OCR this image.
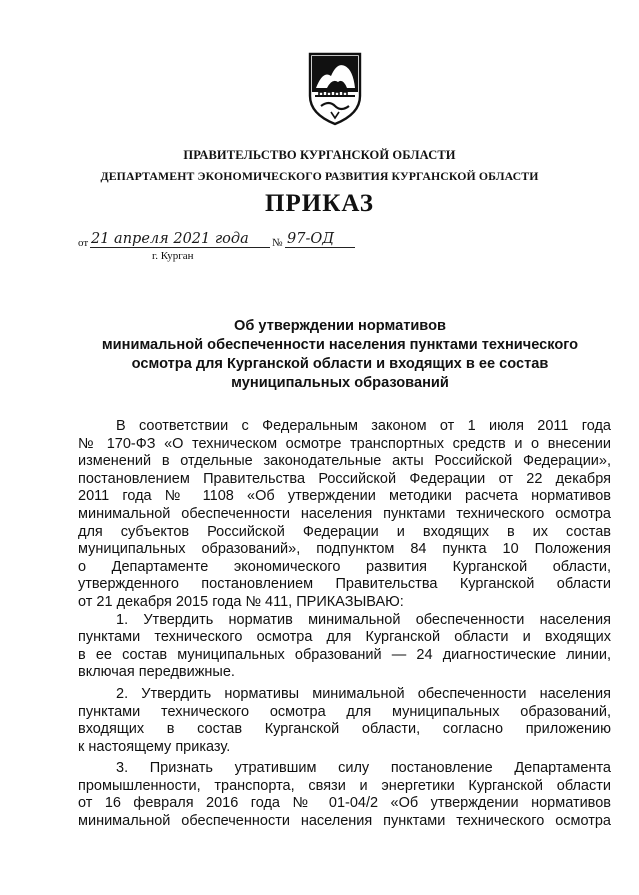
ПРАВИТЕЛЬСТВО КУРГАНСКОЙ ОБЛАСТИ
ДЕПАРТАМЕНТ ЭКОНОМИЧЕСКОГО РАЗВИТИЯ КУРГАНСКОЙ ОБЛАСТИ
ПРИКАЗ
от 21 апреля 2021 года № 97-ОД
г. Курган
Об утверждении нормативов
минимальной обеспеченности населения пунктами технического
осмотра для Курганской области и входящих в ее состав
муниципальных образований
В соответствии с Федеральным законом от 1 июля 2011 года
№ 170-ФЗ «О техническом осмотре транспортных средств и о внесении
изменений в отдельные законодательные акты Российской Федерации»,
постановлением Правительства Российской Федерации от 22 декабря
2011 года № 1108 «Об утверждении методики расчета нормативов
минимальной обеспеченности населения пунктами технического осмотра
для субъектов Российской Федерации и входящих в их состав
муниципальных образований», подпунктом 84 пункта 10 Положения
о Департаменте экономического развития Курганской области,
утвержденного постановлением Правительства Курганской области
от 21 декабря 2015 года № 411, ПРИКАЗЫВАЮ:
1. Утвердить норматив минимальной обеспеченности населения
пунктами технического осмотра для Курганской области и входящих
в ее состав муниципальных образований — 24 диагностические линии,
включая передвижные.
2. Утвердить нормативы минимальной обеспеченности населения
пунктами технического осмотра для муниципальных образований,
входящих в состав Курганской области, согласно приложению
к настоящему приказу.
3. Признать утратившим силу постановление Департамента
промышленности, транспорта, связи и энергетики Курганской области
от 16 февраля 2016 года № 01-04/2 «Об утверждении нормативов
минимальной обеспеченности населения пунктами технического осмотра
